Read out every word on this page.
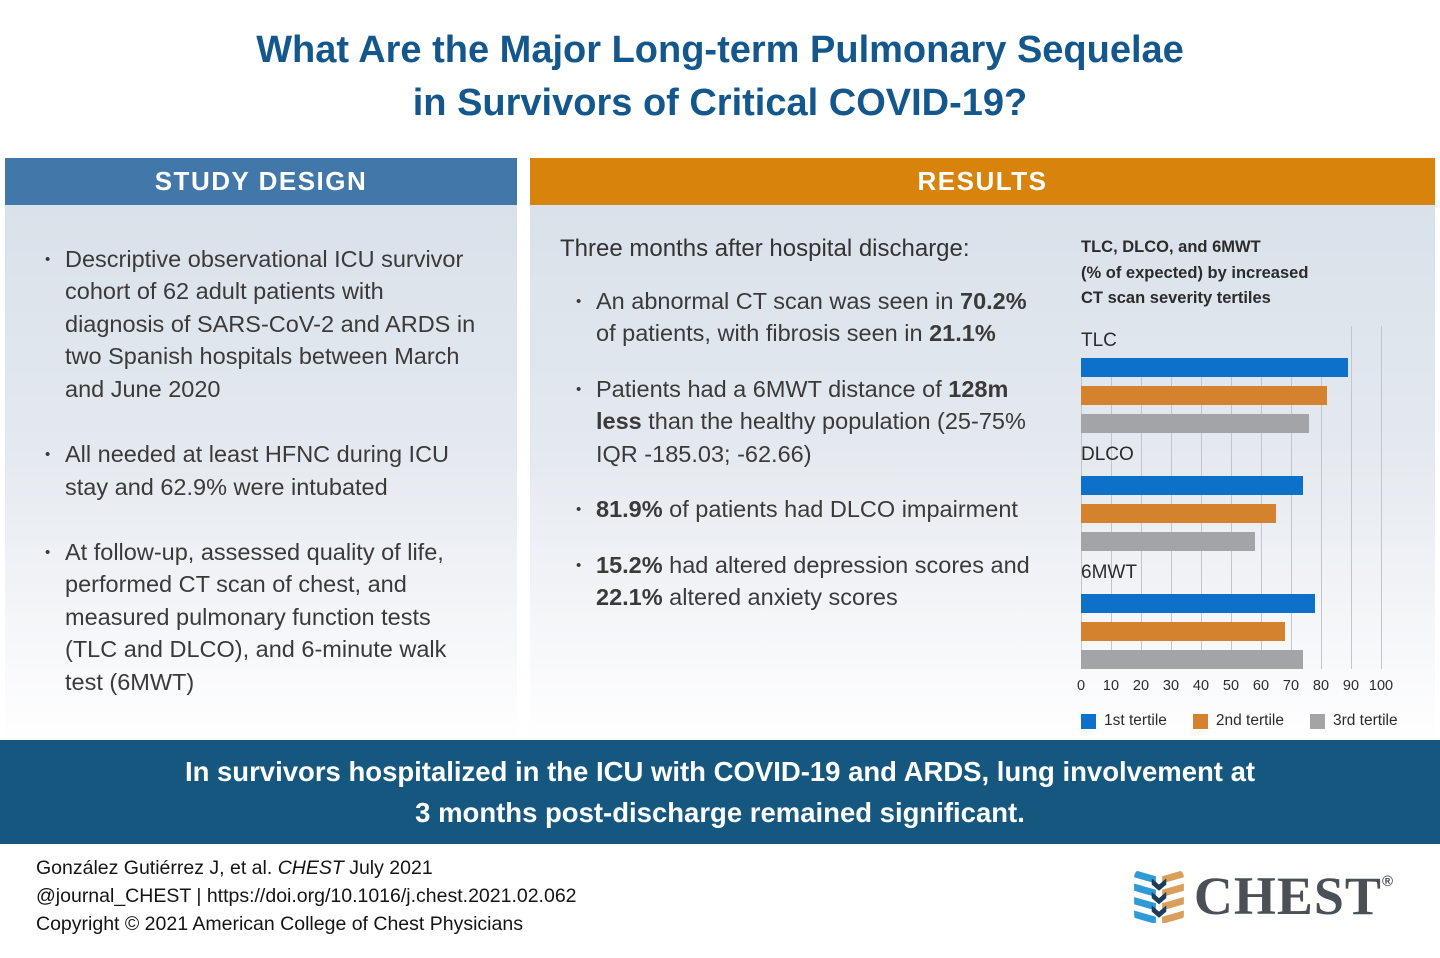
What Are the Major Long-term Pulmonary Sequelae
in Survivors of Critical COVID-19?
STUDY DESIGN
• Descriptive observational ICU survivor cohort of 62 adult patients with diagnosis of SARS-CoV-2 and ARDS in two Spanish hospitals between March and June 2020
• All needed at least HFNC during ICU stay and 62.9% were intubated
• At follow-up, assessed quality of life, performed CT scan of chest, and measured pulmonary function tests (TLC and DLCO), and 6-minute walk test (6MWT)
RESULTS
Three months after hospital discharge:
• An abnormal CT scan was seen in 70.2% of patients, with fibrosis seen in 21.1%
• Patients had a 6MWT distance of 128m less than the healthy population (25-75% IQR -185.03; -62.66)
• 81.9% of patients had DLCO impairment
• 15.2% had altered depression scores and 22.1% altered anxiety scores
TLC, DLCO, and 6MWT
(% of expected) by increased
CT scan severity tertiles
TLC
DLCO
6MWT
0 10 20 30 40 50 60 70 80 90 100
1st tertile	2nd tertile	3rd tertile
In survivors hospitalized in the ICU with COVID-19 and ARDS, lung involvement at
3 months post-discharge remained significant.
González Gutiérrez J, et al. CHEST July 2021
@journal_CHEST | https://doi.org/10.1016/j.chest.2021.02.062
Copyright © 2021 American College of Chest Physicians	CHEST®
